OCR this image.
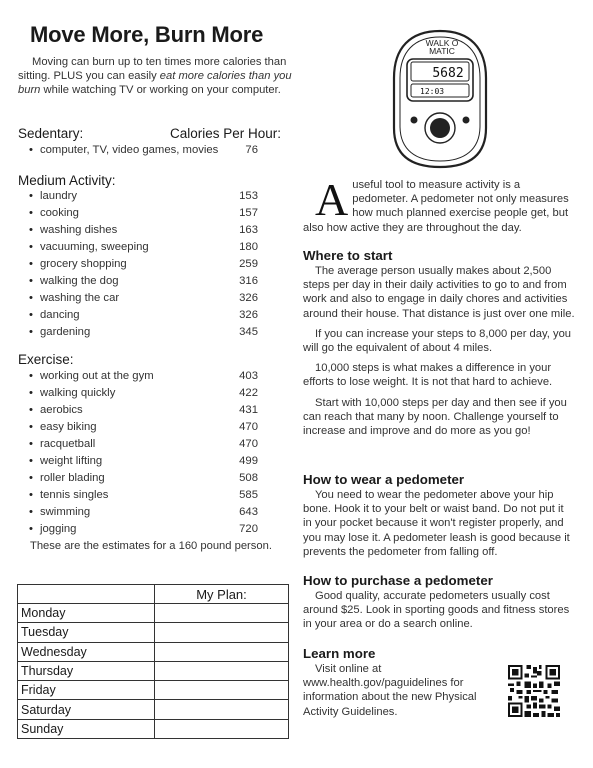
Move More, Burn More
Moving can burn up to ten times more calories than sitting. PLUS you can easily eat more calories than you burn while watching TV or working on your computer.
Sedentary:	Calories Per Hour:
• computer, TV, video games, movies 76
Medium Activity:
• laundry	153
• cooking	157
• washing dishes	163
• vacuuming, sweeping	180
• grocery shopping	259
• walking the dog	316
• washing the car	326
• dancing	326
• gardening	345
Exercise:
• working out at the gym	403
• walking quickly	422
• aerobics	431
• easy biking	470
• racquetball	470
• weight lifting	499
• roller blading	508
• tennis singles	585
• swimming	643
• jogging	720
These are the estimates for a 160 pound person.
WALK O
MATIC
5682
12:03
Auseful tool to measure activity is a pedometer. A pedometer not only measures how much planned exercise people get, but also how active they are throughout the day.
Where to start
The average person usually makes about 2,500 steps per day in their daily activities to go to and from work and also to engage in daily chores and activities around their house. That distance is just over one mile.
If you can increase your steps to 8,000 per day, you will go the equivalent of about 4 miles.
10,000 steps is what makes a difference in your efforts to lose weight. It is not that hard to achieve.
Start with 10,000 steps per day and then see if you can reach that many by noon. Challenge yourself to increase and improve and do more as you go!
How to wear a pedometer
You need to wear the pedometer above your hip bone. Hook it to your belt or waist band. Do not put it in your pocket because it won't register properly, and you may lose it. A pedometer leash is good because it prevents the pedometer from falling off.
How to purchase a pedometer
Good quality, accurate pedometers usually cost around $25. Look in sporting goods and fitness stores in your area or do a search online.
Learn more
Visit online at
www.health.gov/paguidelines for information about the new Physical Activity Guidelines.
	My Plan:
Monday	
Tuesday	
Wednesday	
Thursday	
Friday	
Saturday	
Sunday	
